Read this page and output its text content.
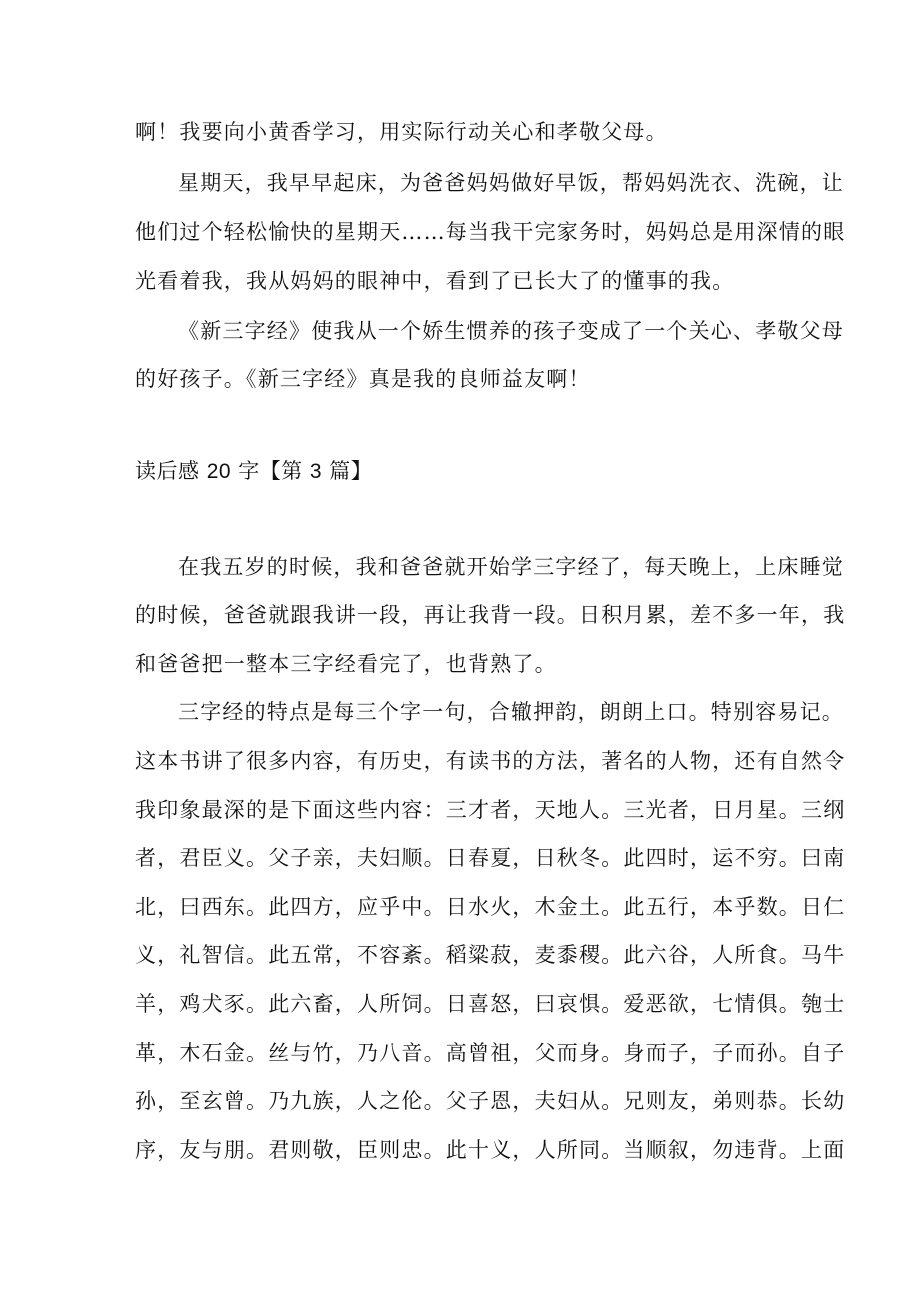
啊！我要向小黄香学习，用实际行动关心和孝敬父母。
星期天，我早早起床，为爸爸妈妈做好早饭，帮妈妈洗衣、洗碗，让
他们过个轻松愉快的星期天……每当我干完家务时，妈妈总是用深情的眼
光看着我，我从妈妈的眼神中，看到了已长大了的懂事的我。
《新三字经》使我从一个娇生惯养的孩子变成了一个关心、孝敬父母
的好孩子。《新三字经》真是我的良师益友啊！
读后感 20 字【第 3 篇】
在我五岁的时候，我和爸爸就开始学三字经了，每天晚上，上床睡觉
的时候，爸爸就跟我讲一段，再让我背一段。日积月累，差不多一年，我
和爸爸把一整本三字经看完了，也背熟了。
三字经的特点是每三个字一句，合辙押韵，朗朗上口。特别容易记。
这本书讲了很多内容，有历史，有读书的方法，著名的人物，还有自然令
我印象最深的是下面这些内容：三才者，天地人。三光者，日月星。三纲
者，君臣义。父子亲，夫妇顺。日春夏，日秋冬。此四时，运不穷。曰南
北，曰西东。此四方，应乎中。日水火，木金土。此五行，本乎数。日仁
义，礼智信。此五常，不容紊。稻粱菽，麦黍稷。此六谷，人所食。马牛
羊，鸡犬豕。此六畜，人所饲。日喜怒，曰哀惧。爱恶欲，七情俱。匏士
革，木石金。丝与竹，乃八音。高曾祖，父而身。身而子，子而孙。自子
孙，至玄曾。乃九族，人之伦。父子恩，夫妇从。兄则友，弟则恭。长幼
序，友与朋。君则敬，臣则忠。此十义，人所同。当顺叙，勿违背。上面
